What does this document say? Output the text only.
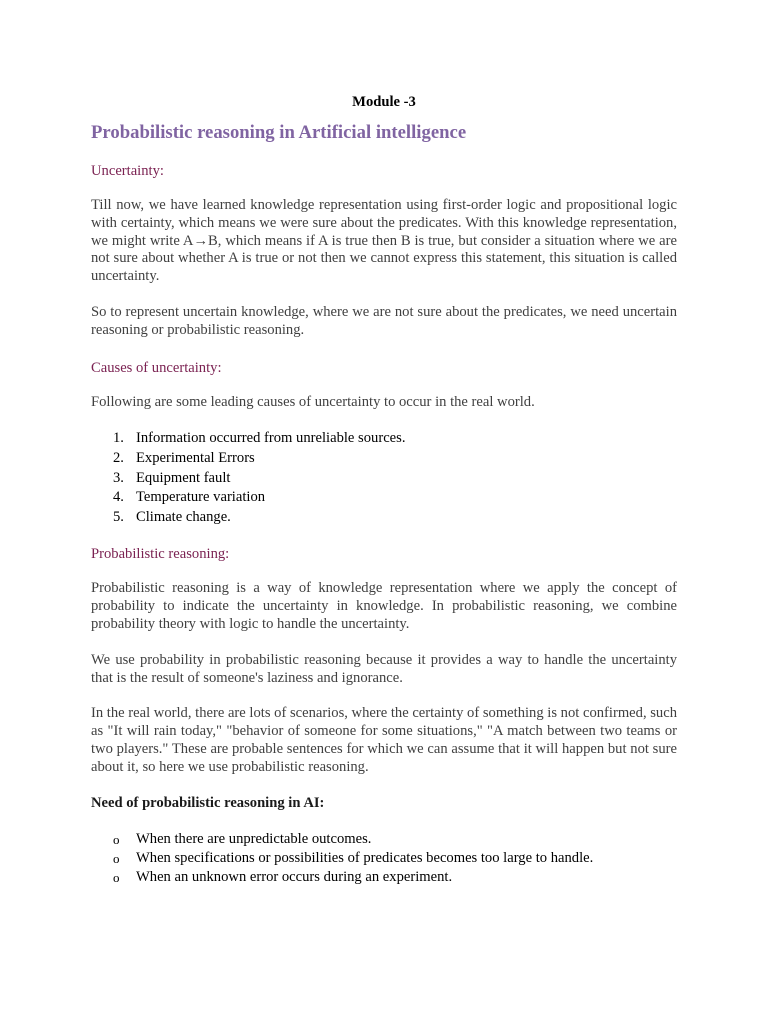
Module -3
Probabilistic reasoning in Artificial intelligence
Uncertainty:

Till now, we have learned knowledge representation using first-order logic and propositional logic with certainty, which means we were sure about the predicates. With this knowledge representation, we might write A→B, which means if A is true then B is true, but consider a situation where we are not sure about whether A is true or not then we cannot express this statement, this situation is called uncertainty.

So to represent uncertain knowledge, where we are not sure about the predicates, we need uncertain reasoning or probabilistic reasoning.

Causes of uncertainty:

Following are some leading causes of uncertainty to occur in the real world.

1. Information occurred from unreliable sources.
2. Experimental Errors
3. Equipment fault
4. Temperature variation
5. Climate change.
Probabilistic reasoning:

Probabilistic reasoning is a way of knowledge representation where we apply the concept of probability to indicate the uncertainty in knowledge. In probabilistic reasoning, we combine probability theory with logic to handle the uncertainty.

We use probability in probabilistic reasoning because it provides a way to handle the uncertainty that is the result of someone's laziness and ignorance.

In the real world, there are lots of scenarios, where the certainty of something is not confirmed, such as "It will rain today," "behavior of someone for some situations," "A match between two teams or two players." These are probable sentences for which we can assume that it will happen but not sure about it, so here we use probabilistic reasoning.

Need of probabilistic reasoning in AI:
o When there are unpredictable outcomes.
o When specifications or possibilities of predicates becomes too large to handle.
o When an unknown error occurs during an experiment.
